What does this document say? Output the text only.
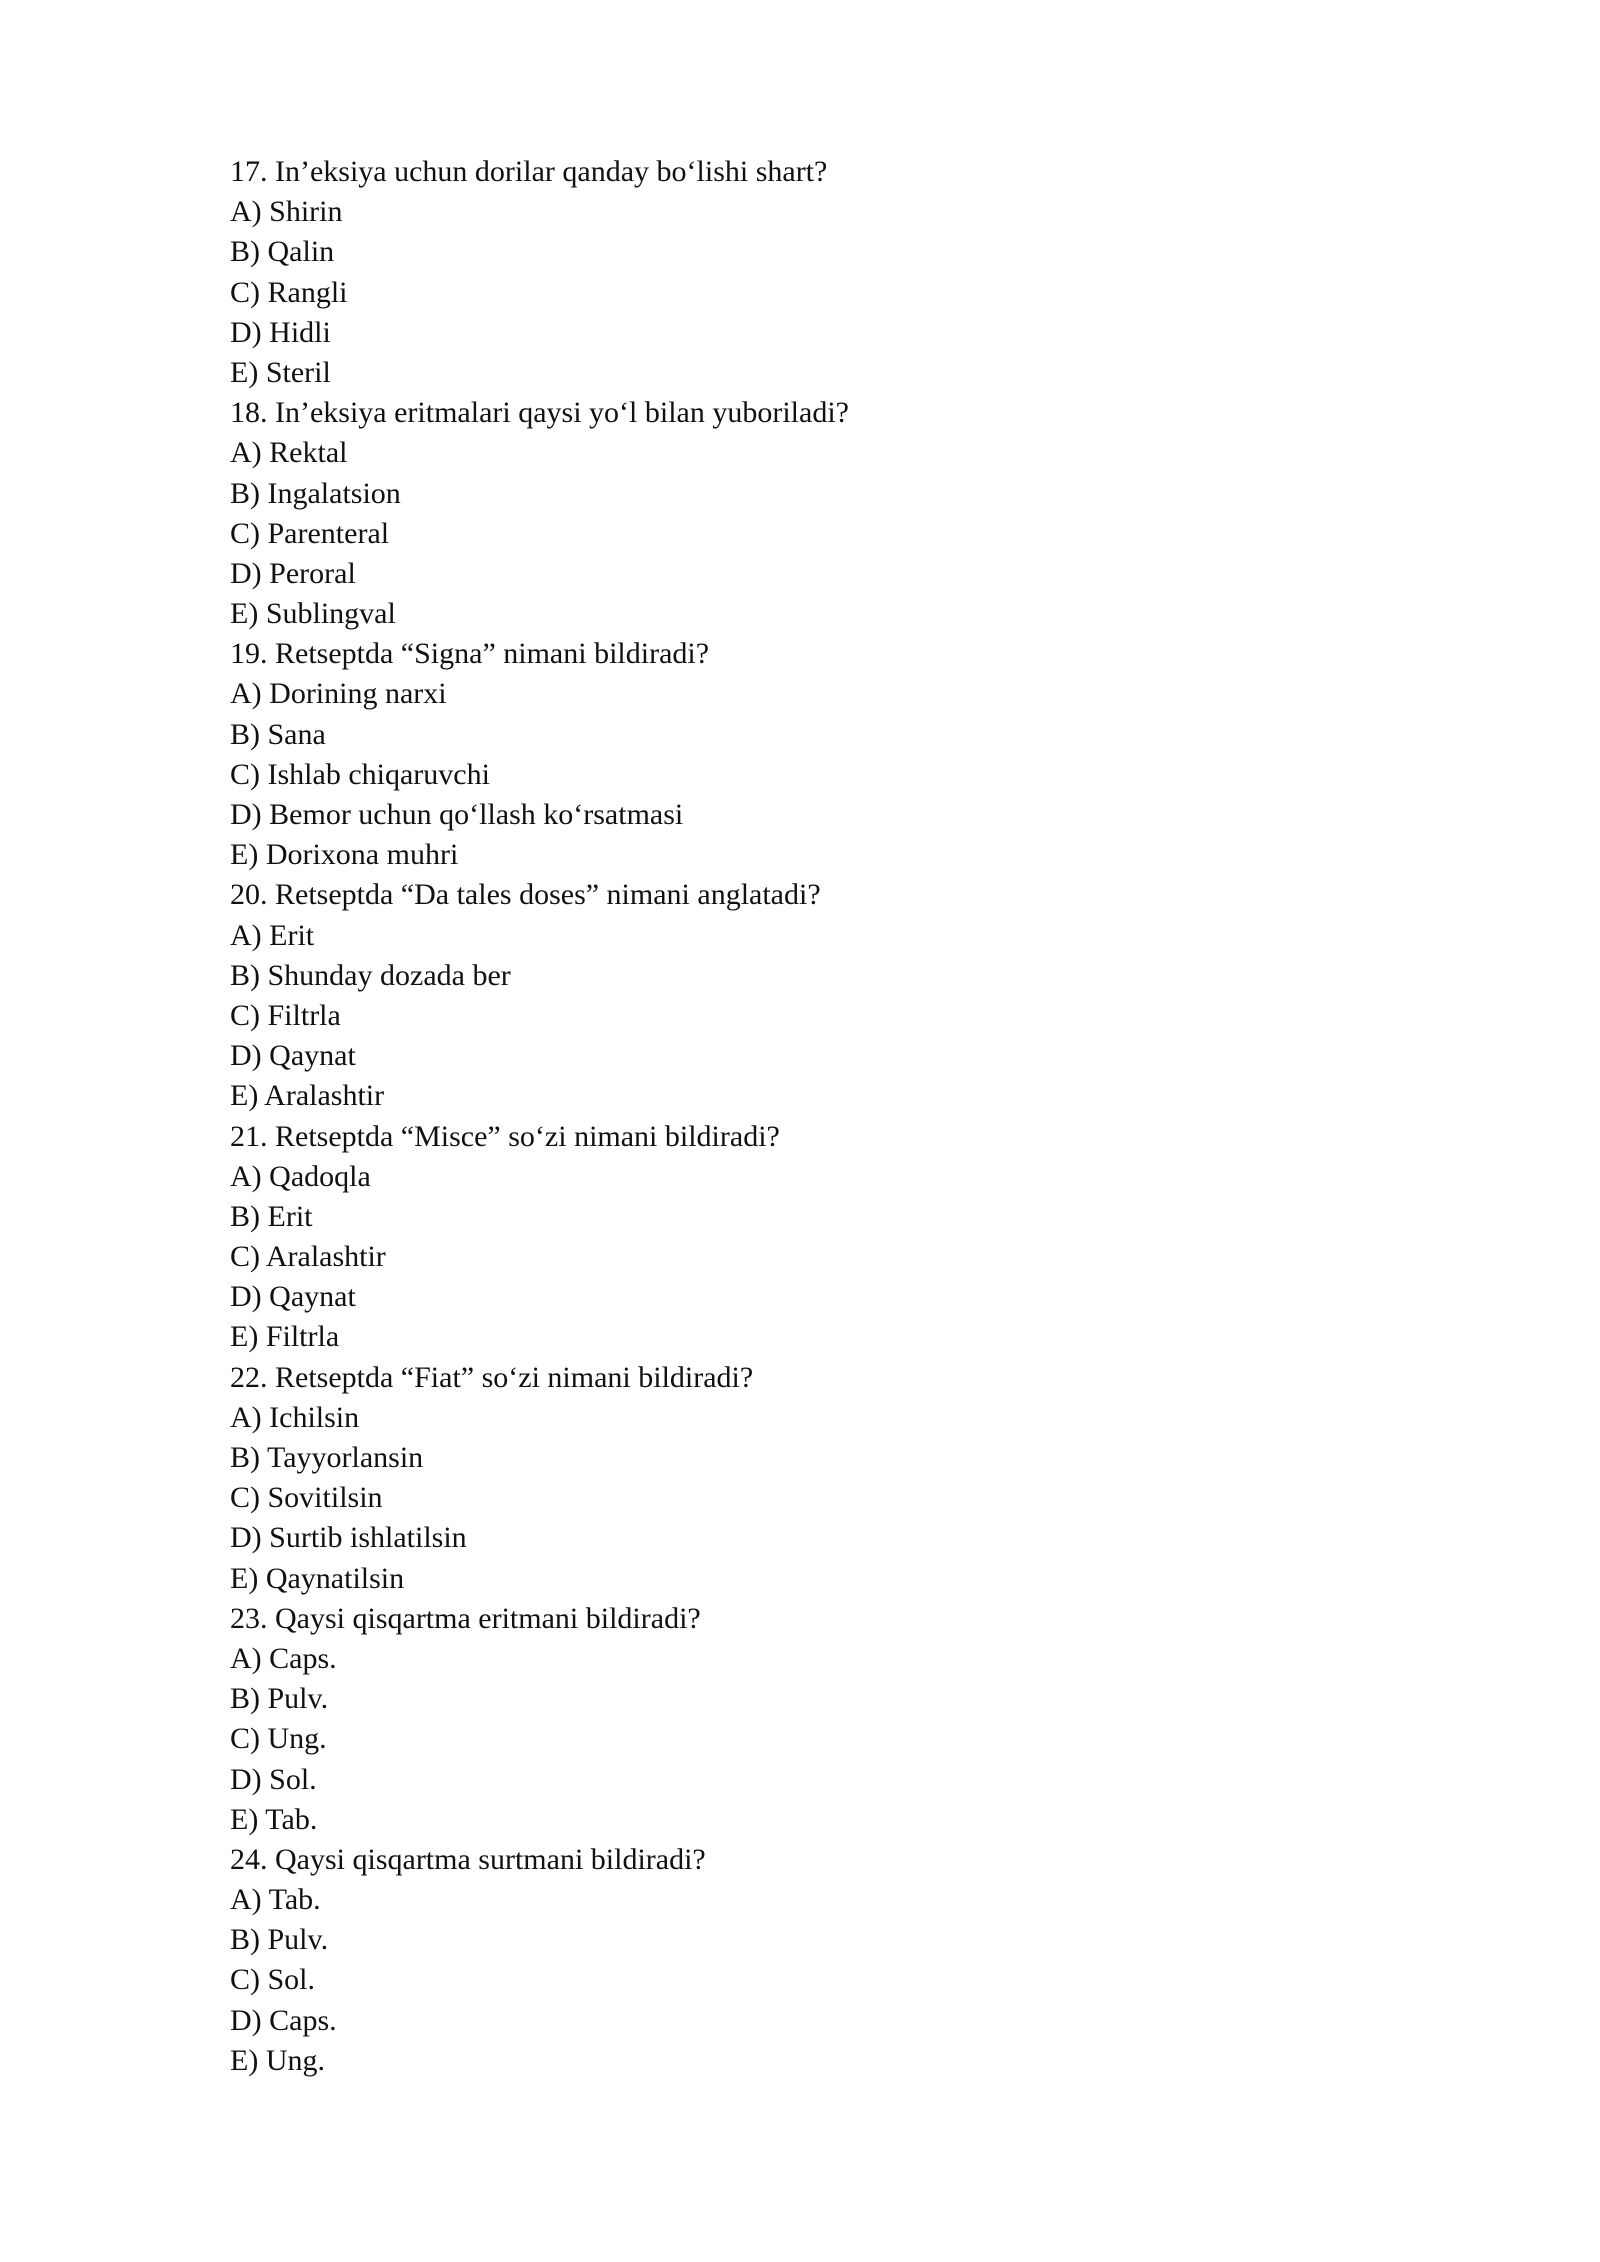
17. In’eksiya uchun dorilar qanday bo‘lishi shart?
A) Shirin
B) Qalin
C) Rangli
D) Hidli
E) Steril
18. In’eksiya eritmalari qaysi yo‘l bilan yuboriladi?
A) Rektal
B) Ingalatsion
C) Parenteral
D) Peroral
E) Sublingval
19. Retseptda “Signa” nimani bildiradi?
A) Dorining narxi
B) Sana
C) Ishlab chiqaruvchi
D) Bemor uchun qo‘llash ko‘rsatmasi
E) Dorixona muhri
20. Retseptda “Da tales doses” nimani anglatadi?
A) Erit
B) Shunday dozada ber
C) Filtrla
D) Qaynat
E) Aralashtir
21. Retseptda “Misce” so‘zi nimani bildiradi?
A) Qadoqla
B) Erit
C) Aralashtir
D) Qaynat
E) Filtrla
22. Retseptda “Fiat” so‘zi nimani bildiradi?
A) Ichilsin
B) Tayyorlansin
C) Sovitilsin
D) Surtib ishlatilsin
E) Qaynatilsin
23. Qaysi qisqartma eritmani bildiradi?
A) Caps.
B) Pulv.
C) Ung.
D) Sol.
E) Tab.
24. Qaysi qisqartma surtmani bildiradi?
A) Tab.
B) Pulv.
C) Sol.
D) Caps.
E) Ung.
